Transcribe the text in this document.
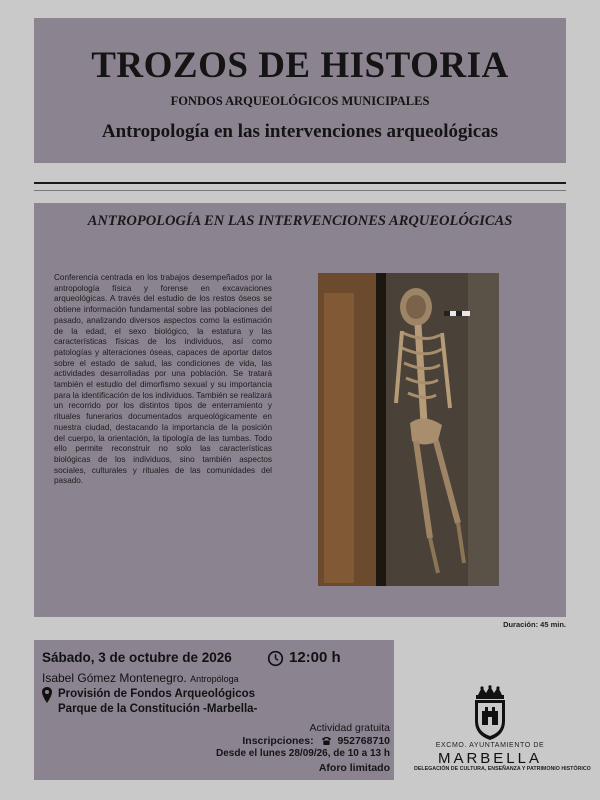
TROZOS DE HISTORIA
FONDOS ARQUEOLÓGICOS MUNICIPALES
Antropología en las intervenciones arqueológicas
ANTROPOLOGÍA EN LAS INTERVENCIONES ARQUEOLÓGICAS
Conferencia centrada en los trabajos desempeñados por la antropología física y forense en excavaciones arqueológicas. A través del estudio de los restos óseos se obtiene información fundamental sobre las poblaciones del pasado, analizando diversos aspectos como la estimación de la edad, el sexo biológico, la estatura y las características físicas de los individuos, así como patologías y alteraciones óseas, capaces de aportar datos sobre el estado de salud, las condiciones de vida, las actividades desarrolladas por una población. Se tratará también el estudio del dimorfismo sexual y su importancia para la identificación de los individuos. También se realizará un recorrido por los distintos tipos de enterramiento y rituales funerarios documentados arqueológicamente en nuestra ciudad, destacando la importancia de la posición del cuerpo, la orientación, la tipología de las tumbas. Todo ello permite reconstruir no solo las características biológicas de los individuos, sino también aspectos sociales, culturales y rituales de las comunidades del pasado.
Duración: 45 min.
Sábado, 3 de octubre de 2026	12:00 h
Isabel Gómez Montenegro. Antropóloga
Provisión de Fondos Arqueológicos
Parque de la Constitución -Marbella-
Actividad gratuita
Inscripciones: 952768710
Desde el lunes 28/09/26, de 10 a 13 h
Aforo limitado
EXCMO. AYUNTAMIENTO DE
MARBELLA
DELEGACIÓN DE CULTURA, ENSEÑANZA Y PATRIMONIO HISTÓRICO
